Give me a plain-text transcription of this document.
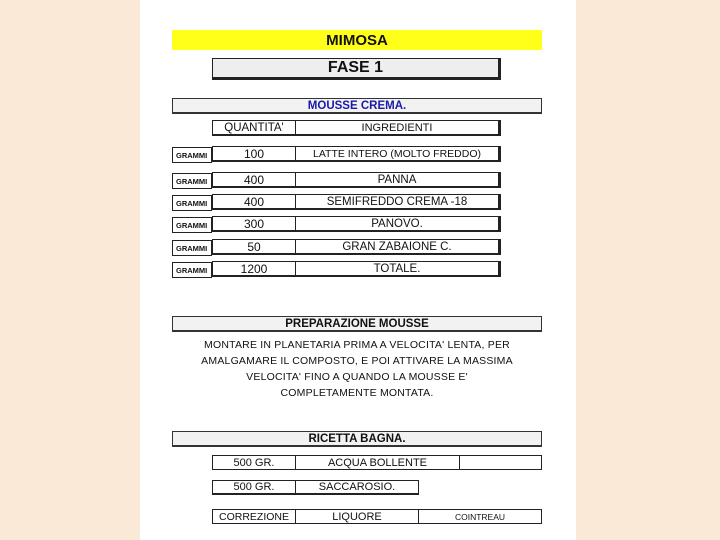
MIMOSA
FASE 1
MOUSSE CREMA.
QUANTITA'	INGREDIENTI
GRAMMI	100	LATTE INTERO (MOLTO FREDDO)
GRAMMI	400	PANNA
GRAMMI	400	SEMIFREDDO CREMA -18
GRAMMI	300	PANOVO.
GRAMMI	50	GRAN ZABAIONE C.
GRAMMI	1200	TOTALE.
PREPARAZIONE MOUSSE
MONTARE IN PLANETARIA PRIMA A VELOCITA' LENTA, PER
AMALGAMARE IL COMPOSTO, E POI ATTIVARE LA MASSIMA
VELOCITA' FINO A QUANDO LA MOUSSE E'
COMPLETAMENTE MONTATA.
RICETTA BAGNA.
500 GR.	ACQUA BOLLENTE
500 GR.	SACCAROSIO.
CORREZIONE	LIQUORE	COINTREAU
